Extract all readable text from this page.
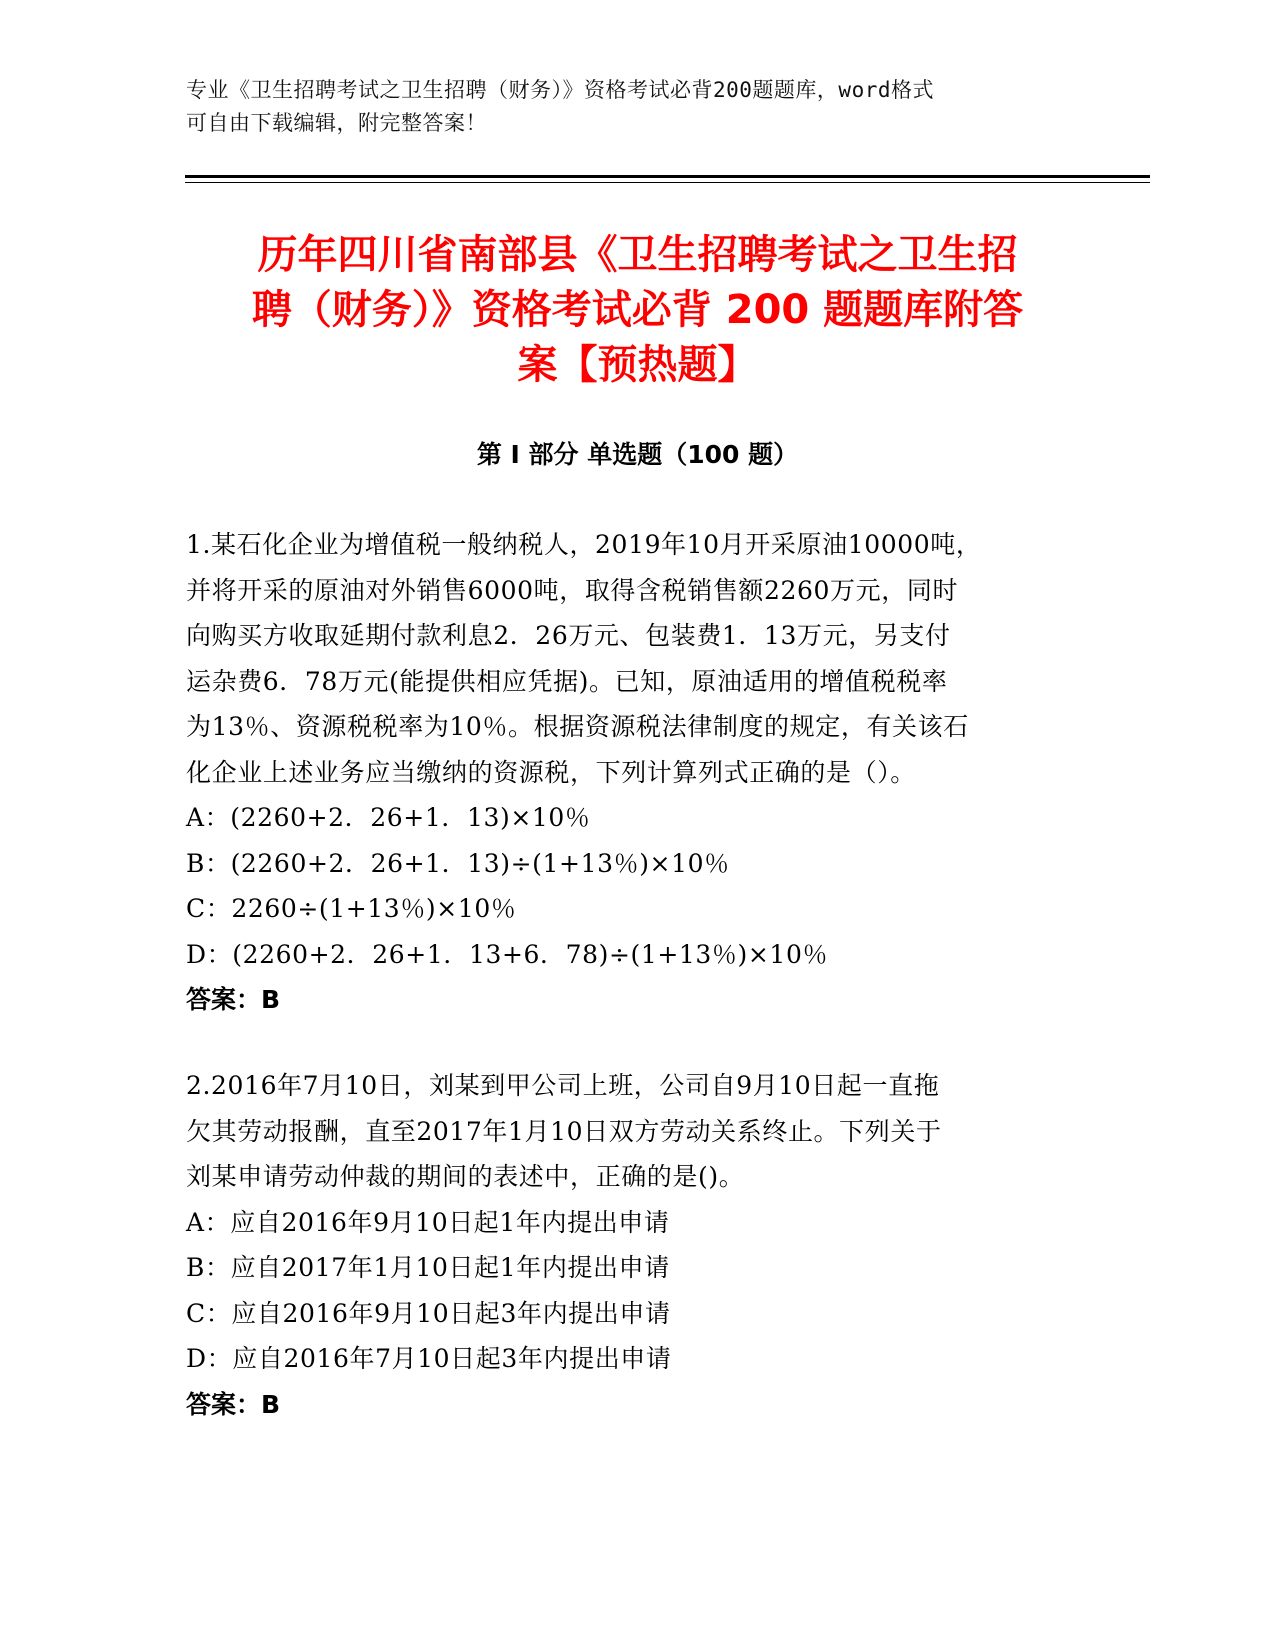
专业《卫生招聘考试之卫生招聘（财务）》资格考试必背200题题库，word格式
可自由下载编辑，附完整答案！
历年四川省南部县《卫生招聘考试之卫生招
聘（财务）》资格考试必背 200 题题库附答
案【预热题】
第 I 部分 单选题（100 题）

1.某石化企业为增值税一般纳税人，2019年10月开采原油10000吨，

并将开采的原油对外销售6000吨，取得含税销售额2260万元，同时

向购买方收取延期付款利息2．26万元、包装费1．13万元，另支付

运杂费6．78万元(能提供相应凭据)。已知，原油适用的增值税税率

为13％、资源税税率为10％。根据资源税法律制度的规定，有关该石

化企业上述业务应当缴纳的资源税，下列计算列式正确的是（）。

A：(2260+2．26+1．13)×10％

B：(2260+2．26+1．13)÷(1+13％)×10％

C：2260÷(1+13％)×10％

D：(2260+2．26+1．13+6．78)÷(1+13％)×10％

答案：B

2.2016年7月10日，刘某到甲公司上班，公司自9月10日起一直拖

欠其劳动报酬，直至2017年1月10日双方劳动关系终止。下列关于

刘某申请劳动仲裁的期间的表述中，正确的是()。

A：应自2016年9月10日起1年内提出申请

B：应自2017年1月10日起1年内提出申请

C：应自2016年9月10日起3年内提出申请

D：应自2016年7月10日起3年内提出申请

答案：B
